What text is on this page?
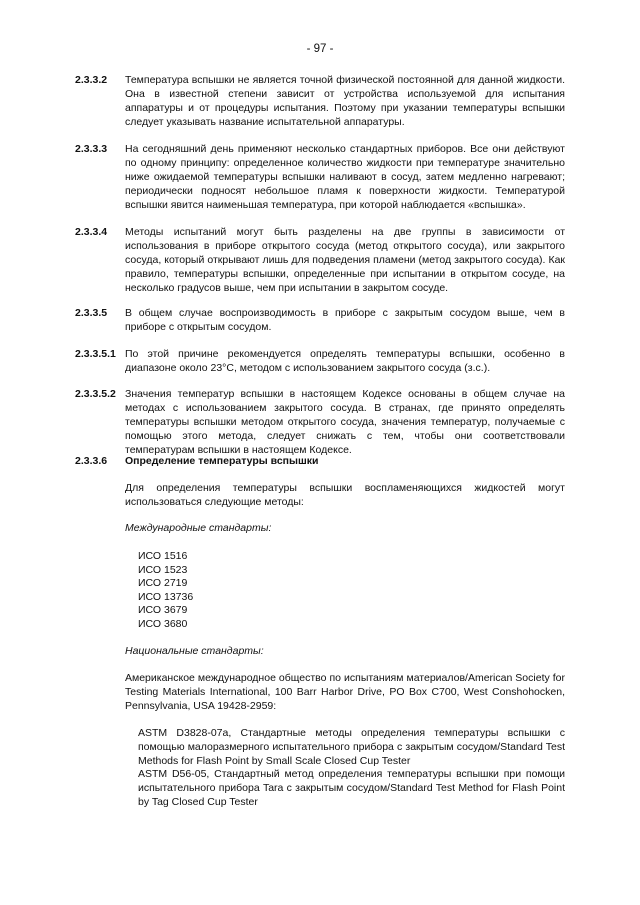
- 97 -
2.3.3.2	Температура вспышки не является точной физической постоянной для данной жидкости. Она в известной степени зависит от устройства используемой для испытания аппаратуры и от процедуры испытания. Поэтому при указании температуры вспышки следует указывать название испытательной аппаратуры.
2.3.3.3	На сегодняшний день применяют несколько стандартных приборов. Все они действуют по одному принципу: определенное количество жидкости при температуре значительно ниже ожидаемой температуры вспышки наливают в сосуд, затем медленно нагревают; периодически подносят небольшое пламя к поверхности жидкости. Температурой вспышки явится наименьшая температура, при которой наблюдается «вспышка».
2.3.3.4	Методы испытаний могут быть разделены на две группы в зависимости от использования в приборе открытого сосуда (метод открытого сосуда), или закрытого сосуда, который открывают лишь для подведения пламени (метод закрытого сосуда). Как правило, температуры вспышки, определенные при испытании в открытом сосуде, на несколько градусов выше, чем при испытании в закрытом сосуде.
2.3.3.5	В общем случае воспроизводимость в приборе с закрытым сосудом выше, чем в приборе с открытым сосудом.
2.3.3.5.1 По этой причине рекомендуется определять температуры вспышки, особенно в диапазоне около 23°С, методом с использованием закрытого сосуда (з.с.).
2.3.3.5.2 Значения температур вспышки в настоящем Кодексе основаны в общем случае на методах с использованием закрытого сосуда. В странах, где принято определять температуры вспышки методом открытого сосуда, значения температур, получаемые с помощью этого метода, следует снижать с тем, чтобы они соответствовали температурам вспышки в настоящем Кодексе.
2.3.3.6	Определение температуры вспышки
Для определения температуры вспышки воспламеняющихся жидкостей могут использоваться следующие методы:
Международные стандарты:
ИСО 1516
ИСО 1523
ИСО 2719
ИСО 13736
ИСО 3679
ИСО 3680
Национальные стандарты:
Американское международное общество по испытаниям материалов/American Society for Testing Materials International, 100 Barr Harbor Drive, PO Box C700, West Conshohocken, Pennsylvania, USA 19428-2959:
ASTM D3828-07a, Стандартные методы определения температуры вспышки с помощью малоразмерного испытательного прибора с закрытым сосудом/Standard Test Methods for Flash Point by Small Scale Closed Cup Tester
ASTM D56-05, Стандартный метод определения температуры вспышки при помощи испытательного прибора Tara с закрытым сосудом/Standard Test Method for Flash Point by Tag Closed Cup Tester
